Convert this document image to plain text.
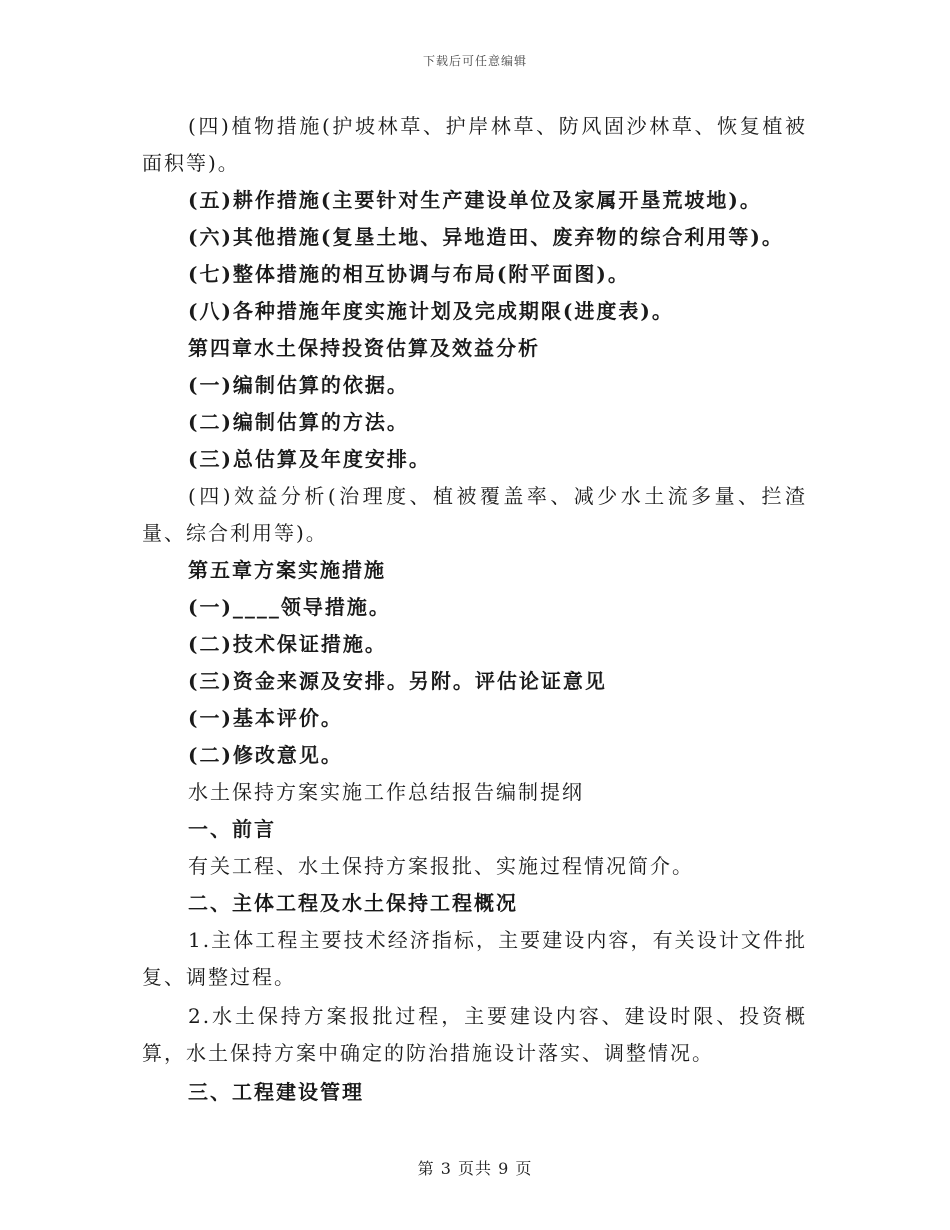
下载后可任意编辑

(四)植物措施(护坡林草、护岸林草、防风固沙林草、恢复植被面积等)。

(五)耕作措施(主要针对生产建设单位及家属开垦荒坡地)。

(六)其他措施(复垦土地、异地造田、废弃物的综合利用等)。

(七)整体措施的相互协调与布局(附平面图)。

(八)各种措施年度实施计划及完成期限(进度表)。

第四章水土保持投资估算及效益分析

(一)编制估算的依据。

(二)编制估算的方法。

(三)总估算及年度安排。

(四)效益分析(治理度、植被覆盖率、减少水土流多量、拦渣量、综合利用等)。

第五章方案实施措施

(一)____领导措施。

(二)技术保证措施。

(三)资金来源及安排。另附。评估论证意见

(一)基本评价。

(二)修改意见。

水土保持方案实施工作总结报告编制提纲

一、前言

有关工程、水土保持方案报批、实施过程情况简介。

二、主体工程及水土保持工程概况

1.主体工程主要技术经济指标，主要建设内容，有关设计文件批复、调整过程。

2.水土保持方案报批过程，主要建设内容、建设时限、投资概算，水土保持方案中确定的防治措施设计落实、调整情况。

三、工程建设管理

第 3 页共 9 页
